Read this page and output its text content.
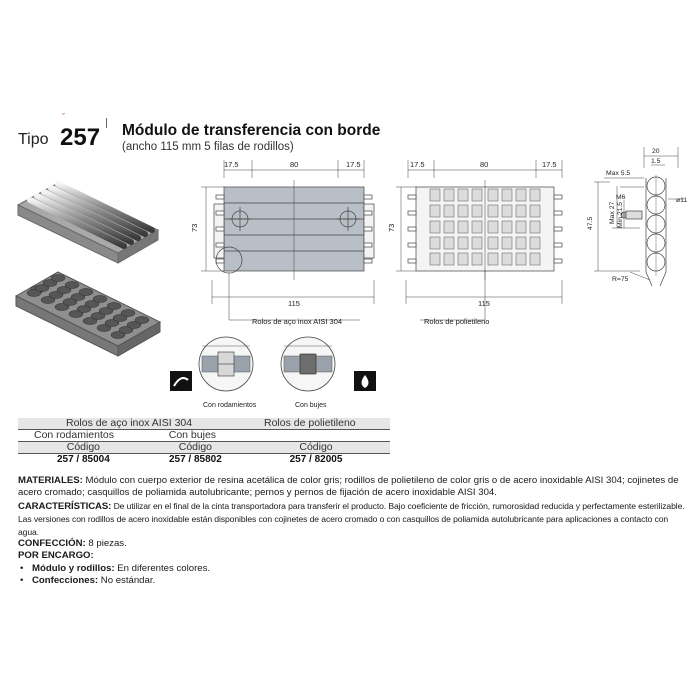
ˇ
Tipo 257 Módulo de transferencia con borde
(ancho 115 mm 5 filas de rodillos)
17.5	80	17.5
73
115
Rolos de aço inox AISI 304
17.5	80	17.5
73
115
Rolos de polietileno
20
1.5
Max 5.5
M6
Max 27 Min 21.5
47.5
ø11
R=75
Con rodamientos	Con bujes
Rolos de aço inox AISI 304		Rolos de polietileno
Con rodamientos	Con bujes	
Código	Código	Código
257 / 85004	257 / 85802	257 / 82005

MATERIALES: Módulo con cuerpo exterior de resina acetálica de color gris; rodillos de polietileno de color gris o de acero inoxidable AISI 304; cojinetes de acero cromado; casquillos de poliamida autolubricante; pernos y pernos de fijación de acero inoxidable AISI 304.

CARACTERÍSTICAS: De utilizar en el final de la cinta transportadora para transferir el producto. Bajo coeficiente de fricción, rumorosidad reducida y perfectamente esterilizable. Las versiones con rodillos de acero inoxidable están disponibles con cojinetes de acero cromado o con casquillos de poliamida autolubricante para aplicaciones a contacto con agua.

CONFECCIÓN: 8 piezas.

POR ENCARGO:

• Módulo y rodillos: En diferentes colores.
• Confecciones: No estándar.
